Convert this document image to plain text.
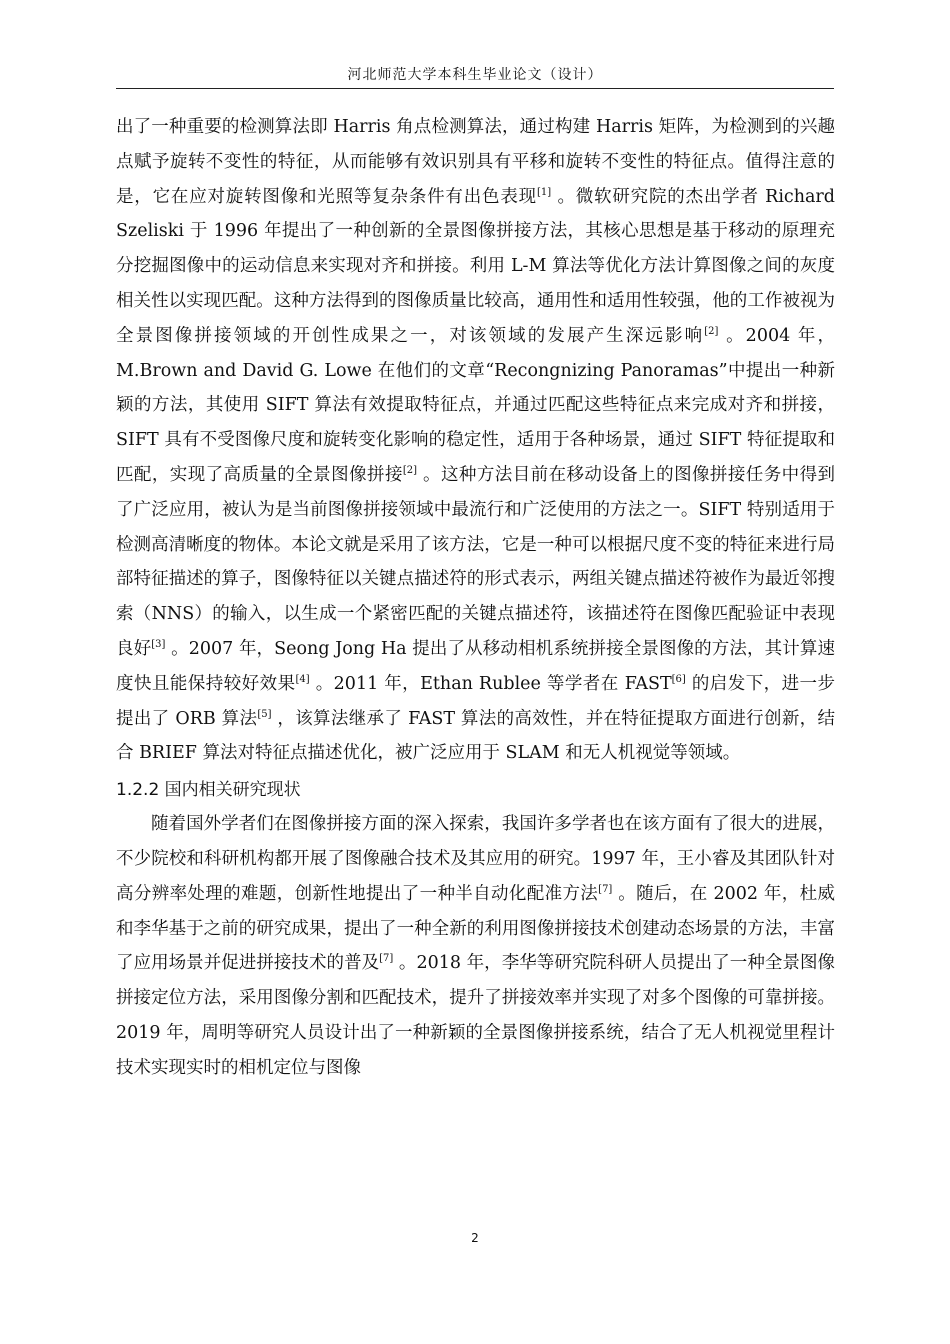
河北师范大学本科生毕业论文（设计）

出了一种重要的检测算法即 Harris 角点检测算法，通过构建 Harris 矩阵，为检测到的兴趣点赋予旋转不变性的特征，从而能够有效识别具有平移和旋转不变性的特征点。值得注意的是，它在应对旋转图像和光照等复杂条件有出色表现[1] 。微软研究院的杰出学者 Richard Szeliski 于 1996 年提出了一种创新的全景图像拼接方法，其核心思想是基于移动的原理充分挖掘图像中的运动信息来实现对齐和拼接。利用 L-M 算法等优化方法计算图像之间的灰度相关性以实现匹配。这种方法得到的图像质量比较高，通用性和适用性较强，他的工作被视为全景图像拼接领域的开创性成果之一，对该领域的发展产生深远影响[2] 。2004 年，M.Brown and David G. Lowe 在他们的文章“Recongnizing Panoramas”中提出一种新颖的方法，其使用 SIFT 算法有效提取特征点，并通过匹配这些特征点来完成对齐和拼接，SIFT 具有不受图像尺度和旋转变化影响的稳定性，适用于各种场景，通过 SIFT 特征提取和匹配，实现了高质量的全景图像拼接[2] 。这种方法目前在移动设备上的图像拼接任务中得到了广泛应用，被认为是当前图像拼接领域中最流行和广泛使用的方法之一。SIFT 特别适用于检测高清晰度的物体。本论文就是采用了该方法，它是一种可以根据尺度不变的特征来进行局部特征描述的算子，图像特征以关键点描述符的形式表示，两组关键点描述符被作为最近邻搜索（NNS）的输入，以生成一个紧密匹配的关键点描述符，该描述符在图像匹配验证中表现良好[3] 。2007 年，Seong Jong Ha 提出了从移动相机系统拼接全景图像的方法，其计算速度快且能保持较好效果[4] 。2011 年，Ethan Rublee 等学者在 FAST[6] 的启发下，进一步提出了 ORB 算法[5] ，该算法继承了 FAST 算法的高效性，并在特征提取方面进行创新，结合 BRIEF 算法对特征点描述优化，被广泛应用于 SLAM 和无人机视觉等领域。

1.2.2 国内相关研究现状

随着国外学者们在图像拼接方面的深入探索，我国许多学者也在该方面有了很大的进展，不少院校和科研机构都开展了图像融合技术及其应用的研究。1997 年，王小睿及其团队针对高分辨率处理的难题，创新性地提出了一种半自动化配准方法[7] 。随后，在 2002 年，杜威和李华基于之前的研究成果，提出了一种全新的利用图像拼接技术创建动态场景的方法，丰富了应用场景并促进拼接技术的普及[7] 。2018 年，李华等研究院科研人员提出了一种全景图像拼接定位方法，采用图像分割和匹配技术，提升了拼接效率并实现了对多个图像的可靠拼接。2019 年，周明等研究人员设计出了一种新颖的全景图像拼接系统，结合了无人机视觉里程计技术实现实时的相机定位与图像

2
